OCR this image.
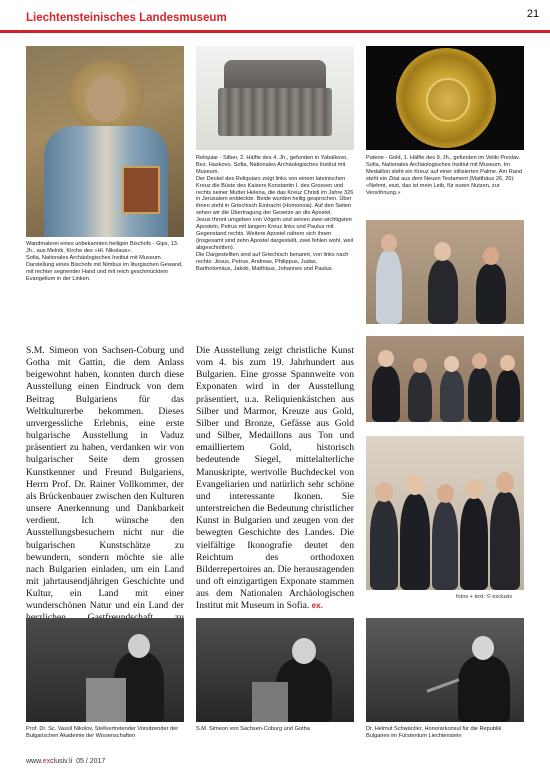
Liechtensteinisches Landesmuseum	21

Wandmalerei eines unbekannten heiligen Bischofs - Gips, 13. Jh., aus Melnik, Kirche des «Hl. Nikolaus».

Sofia, Nationales Archäologisches Institut mit Museum.

Darstellung eines Bischofs mit Nimbus im liturgischen Gewand, mit rechter segnender Hand und mit reich geschmücktem Evangelium in der Linken.

Reliquiar - Silber, 2. Hälfte des 4. Jh., gefunden in Yabalkovo, Bez. Haskovo. Sofia, Nationales Archäologisches Institut mit Museum.

Der Deckel des Reliquiars zeigt links von einem lateinischen Kreuz die Büste des Kaisers Konstantin I. des Grossen und rechts seiner Mutter Helena, die das Kreuz Christi im Jahre 326 in Jerusalem entdeckte. Beide wurden heilig gesprochen. Über ihnen steht in Griechisch Eintracht (Homonoia). Auf den Seiten sehen wir die Übertragung der Gesetze an die Apostel.

Jesus thront umgeben von Vögeln und seinen zwei wichtigsten Aposteln, Petrus mit langem Kreuz links und Paulus mit Gegenstand rechts. Weitere Apostel nähern sich ihnen (insgesamt sind zehn Apostel dargestellt, zwei fehlen wohl, weil abgeschnitten).

Die Dargestellten sind auf Griechisch benannt, von links nach rechts: Jesus, Petrus, Andreas, Philippus, Judas, Bartholomäus, Jakob, Matthäus, Johannes und Paulus.

Patene - Gold, 1. Hälfte des 9. Jh., gefunden im Veliki Preslav. Sofia, Nationales Archäologisches Institut mit Museum. Im Medaillon steht ein Kreuz auf einer stilisierten Palme. Am Rand steht ein Zitat aus dem Neuen Testament (Matthäus 26, 26): «Nehmt, esst, das ist mein Leib, für euren Nutzen, zur Versöhnung.»

fotos + text: © exclusiv

S.M. Simeon von Sachsen-Coburg und Gotha mit Gattin, die dem Anlass beigewohnt haben, konnten durch diese Ausstellung einen Eindruck von dem Beitrag Bulgariens für das Weltkulturerbe bekommen. Dieses unvergessliche Erlebnis, eine erste bulgarische Ausstellung in Vaduz präsentiert zu haben, verdanken wir von bulgarischer Seite dem grossen Kunstkenner und Freund Bulgariens, Herrn Prof. Dr. Rainer Vollkommer, der als Brückenbauer zwischen den Kulturen unsere Anerkennung und Dankbarkeit verdient. Ich wünsche den Ausstellungsbesuchern nicht nur die bulgarischen Kunstschätze zu bewundern, sondern möchte sie alle nach Bulgarien einladen, um ein Land mit jahrtausendjährigen Geschichte und Kultur, ein Land mit einer wunderschönen Natur und ein Land der

Die Ausstellung zeigt christliche Kunst vom 4. bis zum 19. Jahrhundert aus Bulgarien. Eine grosse Spannweite von Exponaten wird in der Ausstellung präsentiert, u.a. Reliquienkästchen aus Silber und Marmor, Kreuze aus Gold, Silber und Bronze, Gefässe aus Gold und Silber, Medaillons aus Ton und emailliertem Gold, historisch bedeutende Siegel, mittelalterliche Manuskripte, wertvolle Buchdeckel von Evangeliarien und natürlich sehr schöne und interessante Ikonen. Sie unterstreichen die Bedeutung christlicher Kunst in Bulgarien und zeugen von der bewegten Geschichte des Landes. Die vielfältige Ikonografie deutet den Reichtum des orthodoxen Bilderrepertoires an. Die herausragenden und oft einzigartigen Exponate stammen aus dem Nationalen Archäologischen Institut mit Museum in Sofia. ex.

Prof. Dr. Sc. Vassil Nikolov, Stellvertretender Vorsitzender der Bulgarischen Akademie der Wissenschaften

S.M. Simeon von Sachsen-Coburg und Gotha	Dr. Helmut Schwärzler, Honorarkonsul für die Republik Bulgarien im Fürstentum Liechtenstein

www.exclusiv.li 05 / 2017
